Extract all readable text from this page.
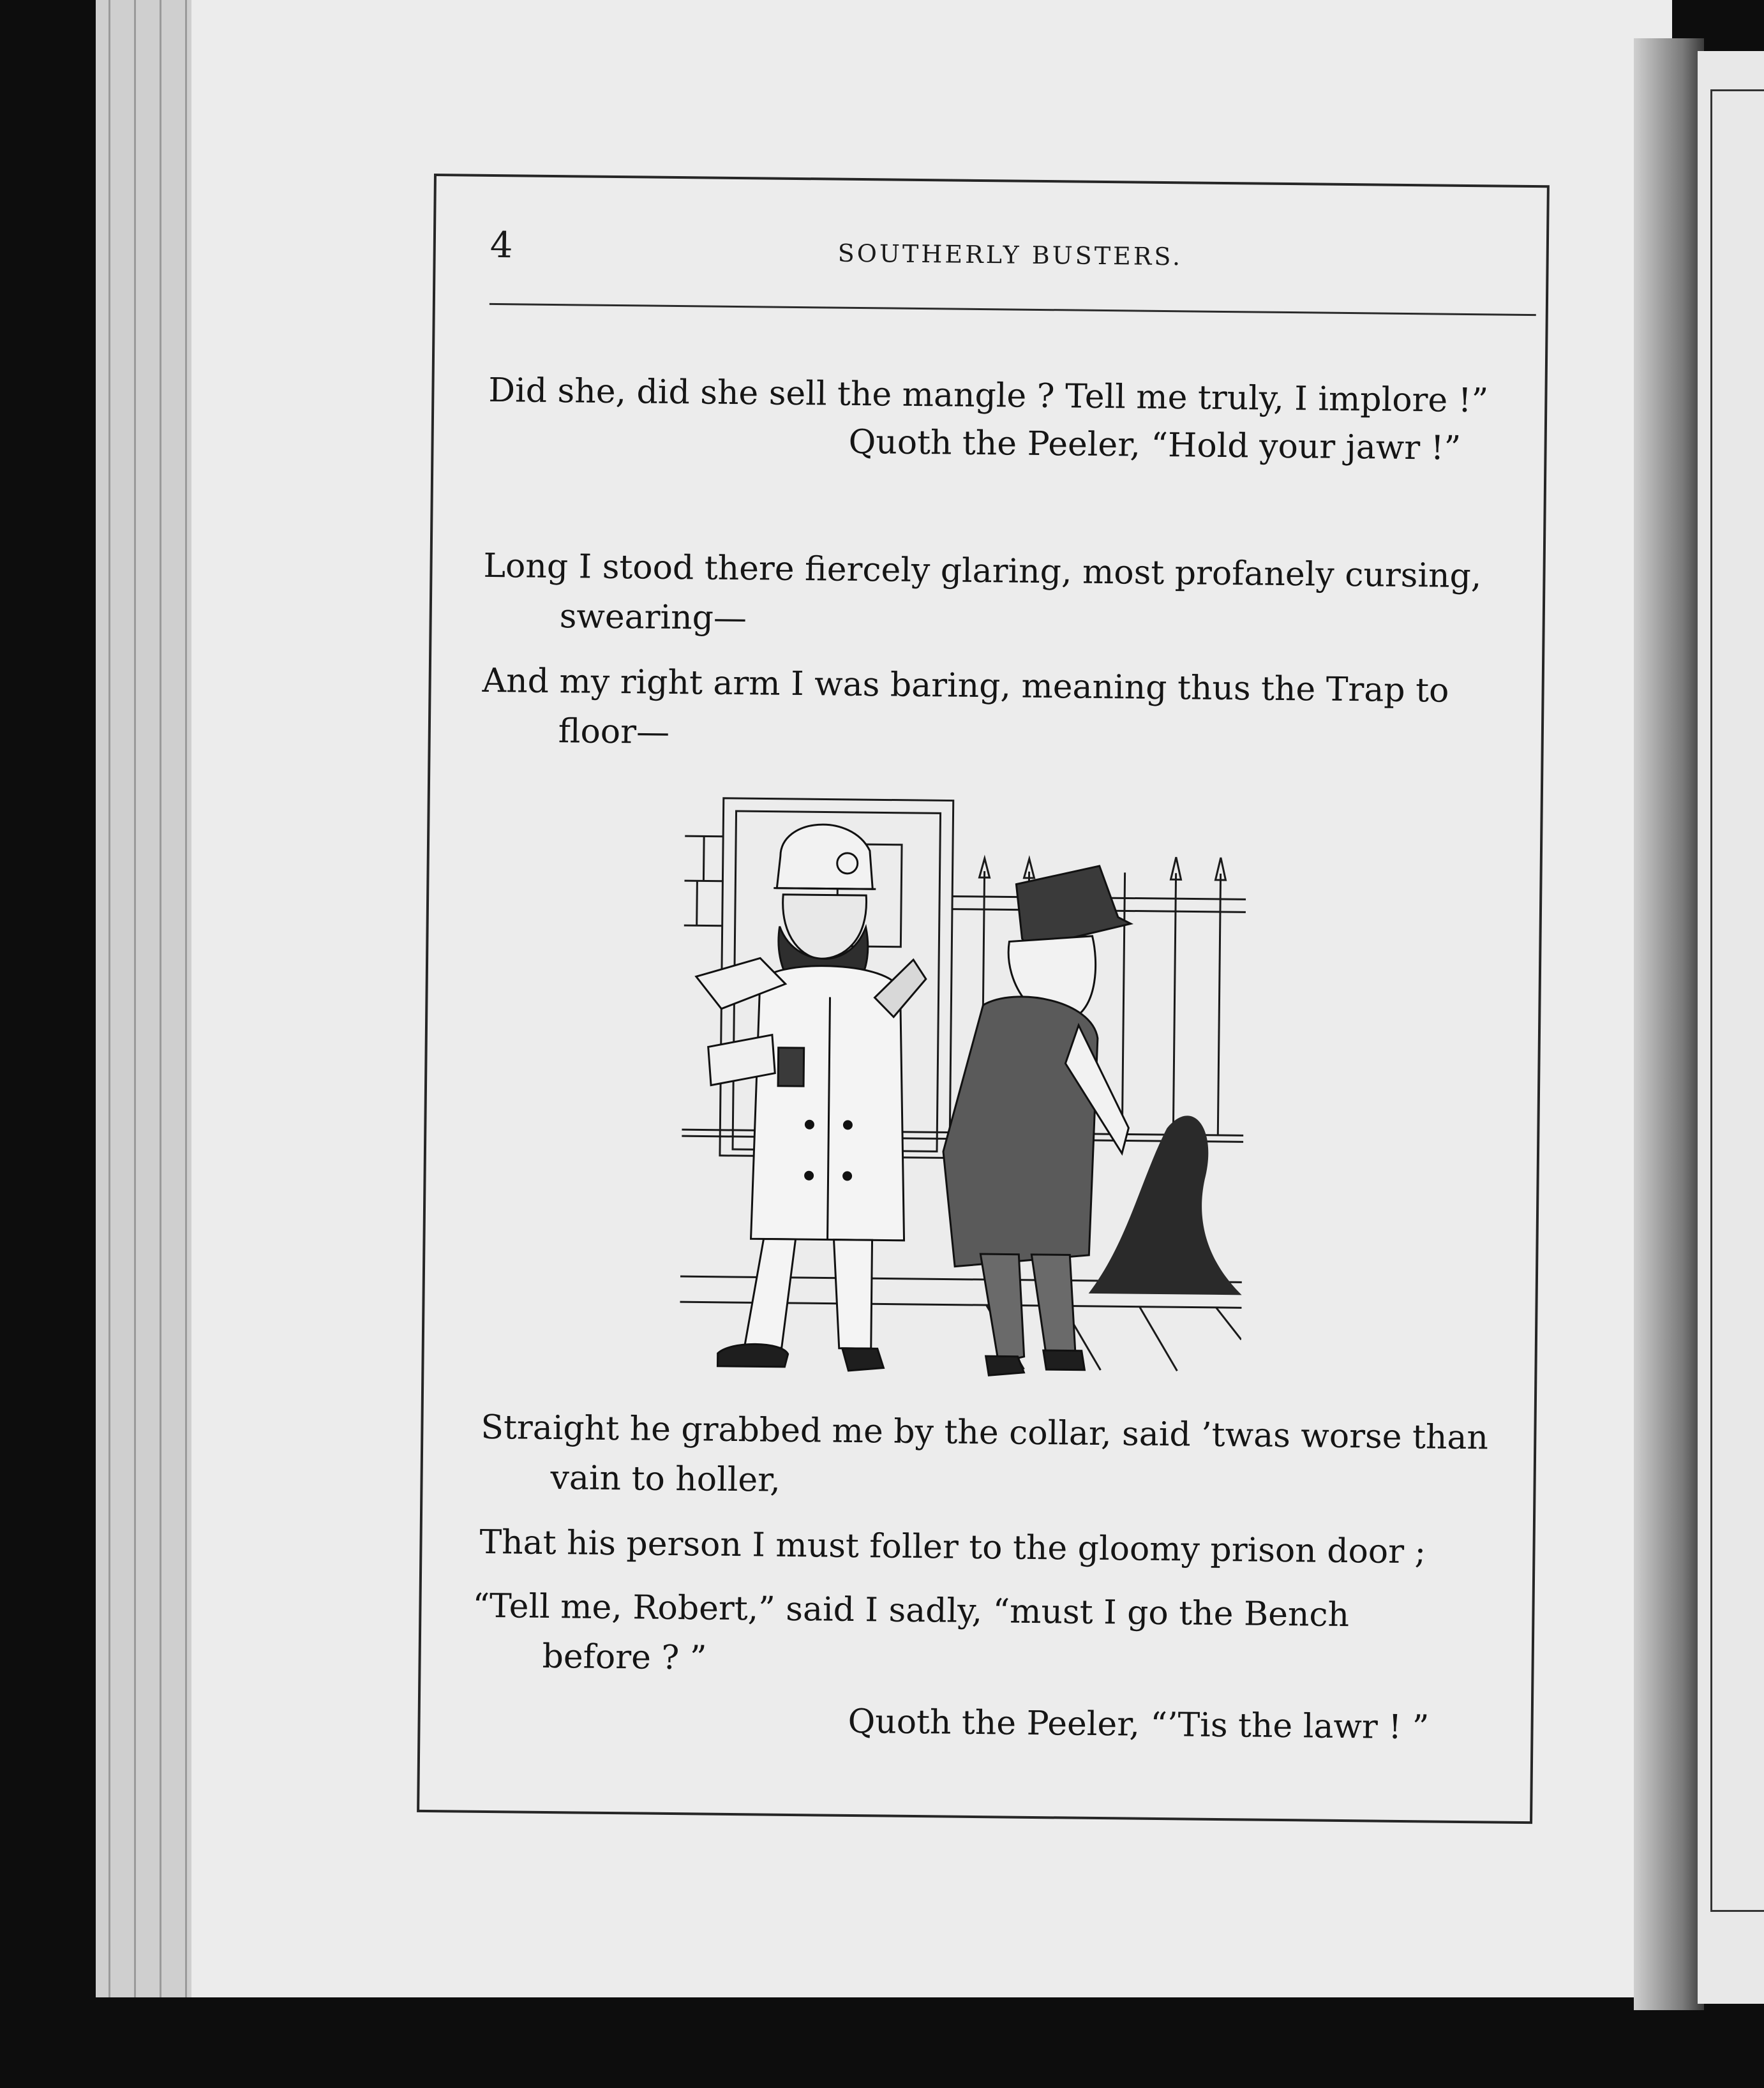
4	SOUTHERLY BUSTERS.
Did she, did she sell the mangle ? Tell me truly, I implore !”
Quoth the Peeler, “Hold your jawr !”
Long I stood there fiercely glaring, most profanely cursing,
swearing—
And my right arm I was baring, meaning thus the Trap to
floor—
Straight he grabbed me by the collar, said ’twas worse than
vain to holler,
That his person I must foller to the gloomy prison door ;
“Tell me, Robert,” said I sadly, “must I go the Bench
before ? ”
Quoth the Peeler, “’Tis the lawr ! ”
